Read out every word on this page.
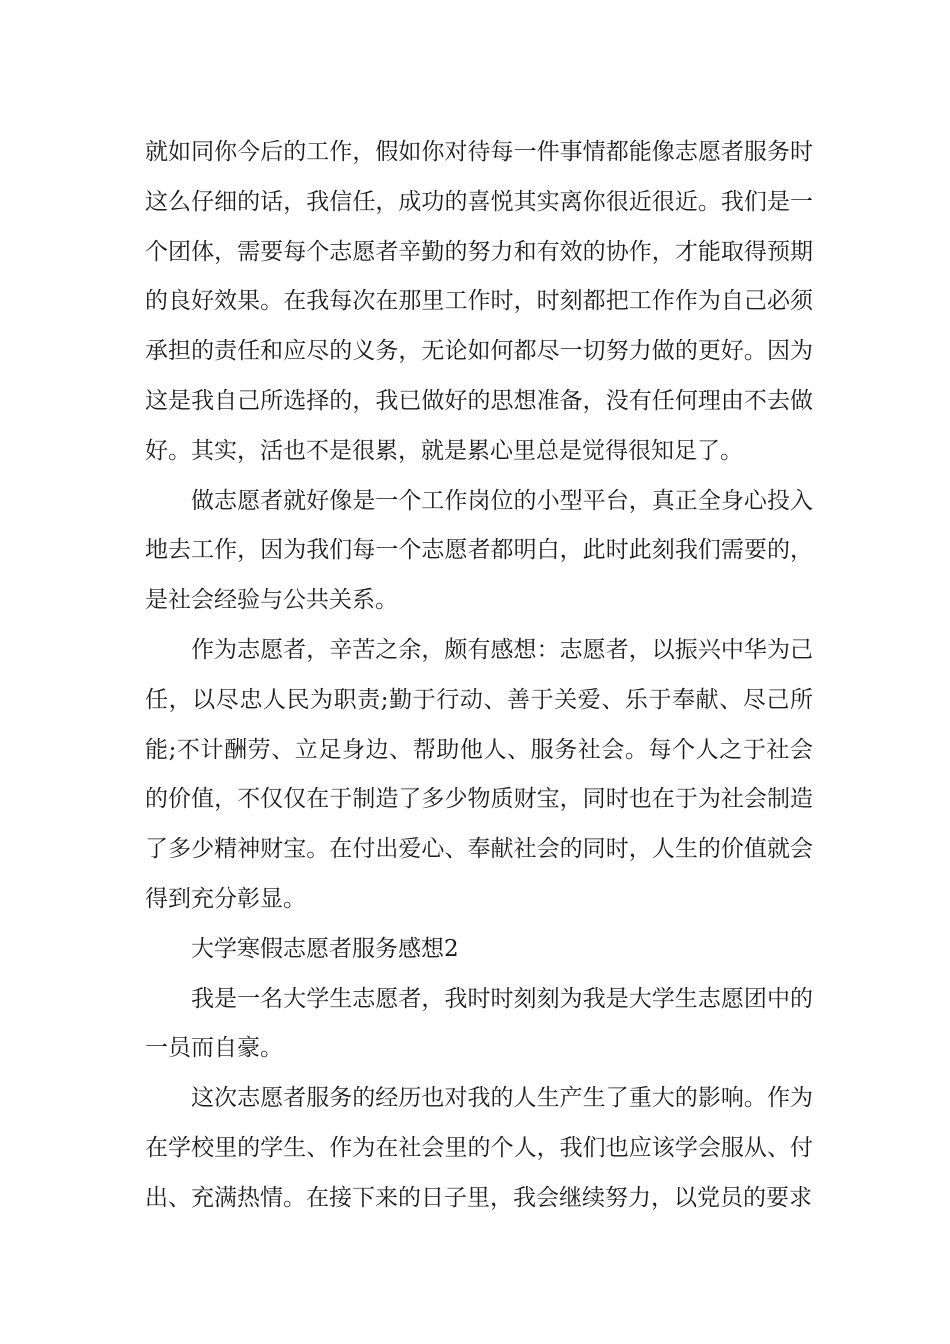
就如同你今后的工作，假如你对待每一件事情都能像志愿者服务时这么仔细的话，我信任，成功的喜悦其实离你很近很近。我们是一个团体，需要每个志愿者辛勤的努力和有效的协作，才能取得预期的良好效果。在我每次在那里工作时，时刻都把工作作为自己必须承担的责任和应尽的义务，无论如何都尽一切努力做的更好。因为这是我自己所选择的，我已做好的思想准备，没有任何理由不去做好。其实，活也不是很累，就是累心里总是觉得很知足了。

做志愿者就好像是一个工作岗位的小型平台，真正全身心投入地去工作，因为我们每一个志愿者都明白，此时此刻我们需要的，是社会经验与公共关系。

作为志愿者，辛苦之余，颇有感想：志愿者，以振兴中华为己任，以尽忠人民为职责;勤于行动、善于关爱、乐于奉献、尽己所能;不计酬劳、立足身边、帮助他人、服务社会。每个人之于社会的价值，不仅仅在于制造了多少物质财宝，同时也在于为社会制造了多少精神财宝。在付出爱心、奉献社会的同时，人生的价值就会得到充分彰显。

大学寒假志愿者服务感想2

我是一名大学生志愿者，我时时刻刻为我是大学生志愿团中的一员而自豪。

这次志愿者服务的经历也对我的人生产生了重大的影响。作为在学校里的学生、作为在社会里的个人，我们也应该学会服从、付出、充满热情。在接下来的日子里，我会继续努力，以党员的要求
